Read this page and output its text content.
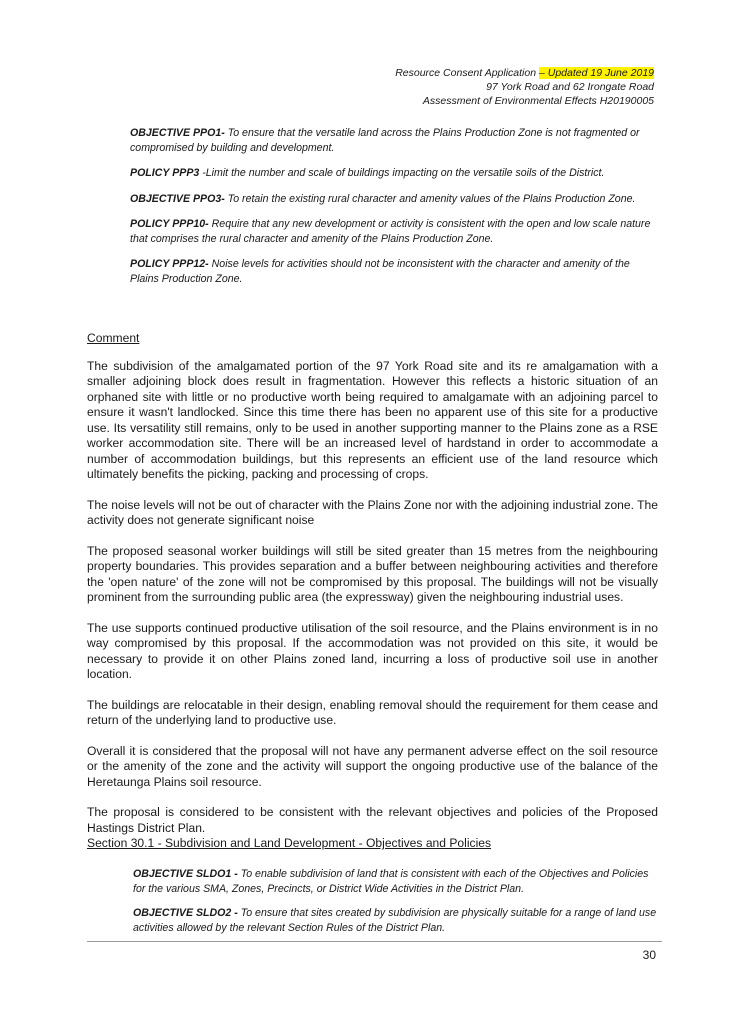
Resource Consent Application – Updated 19 June 2019
97 York Road and 62 Irongate Road
Assessment of Environmental Effects H20190005

OBJECTIVE PPO1- To ensure that the versatile land across the Plains Production Zone is not fragmented or compromised by building and development.

POLICY PPP3 -Limit the number and scale of buildings impacting on the versatile soils of the District.

OBJECTIVE PPO3- To retain the existing rural character and amenity values of the Plains Production Zone.

POLICY PPP10- Require that any new development or activity is consistent with the open and low scale nature that comprises the rural character and amenity of the Plains Production Zone.

POLICY PPP12- Noise levels for activities should not be inconsistent with the character and amenity of the Plains Production Zone.

Comment

The subdivision of the amalgamated portion of the 97 York Road site and its re amalgamation with a smaller adjoining block does result in fragmentation. However this reflects a historic situation of an orphaned site with little or no productive worth being required to amalgamate with an adjoining parcel to ensure it wasn't landlocked. Since this time there has been no apparent use of this site for a productive use. Its versatility still remains, only to be used in another supporting manner to the Plains zone as a RSE worker accommodation site. There will be an increased level of hardstand in order to accommodate a number of accommodation buildings, but this represents an efficient use of the land resource which ultimately benefits the picking, packing and processing of crops.

The noise levels will not be out of character with the Plains Zone nor with the adjoining industrial zone. The activity does not generate significant noise

The proposed seasonal worker buildings will still be sited greater than 15 metres from the neighbouring property boundaries. This provides separation and a buffer between neighbouring activities and therefore the 'open nature' of the zone will not be compromised by this proposal. The buildings will not be visually prominent from the surrounding public area (the expressway) given the neighbouring industrial uses.

The use supports continued productive utilisation of the soil resource, and the Plains environment is in no way compromised by this proposal. If the accommodation was not provided on this site, it would be necessary to provide it on other Plains zoned land, incurring a loss of productive soil use in another location.

The buildings are relocatable in their design, enabling removal should the requirement for them cease and return of the underlying land to productive use.

Overall it is considered that the proposal will not have any permanent adverse effect on the soil resource or the amenity of the zone and the activity will support the ongoing productive use of the balance of the Heretaunga Plains soil resource.

The proposal is considered to be consistent with the relevant objectives and policies of the Proposed Hastings District Plan.

Section 30.1 - Subdivision and Land Development - Objectives and Policies

OBJECTIVE SLDO1 - To enable subdivision of land that is consistent with each of the Objectives and Policies for the various SMA, Zones, Precincts, or District Wide Activities in the District Plan.

OBJECTIVE SLDO2 - To ensure that sites created by subdivision are physically suitable for a range of land use activities allowed by the relevant Section Rules of the District Plan.

30
